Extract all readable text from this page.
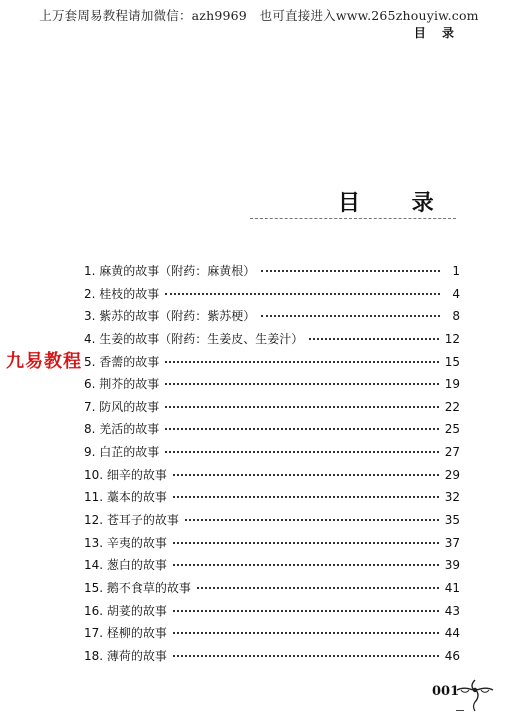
上万套周易教程请加微信：azh9969　也可直接进入www.265zhouyiw.com
目 录
目 录
九易教程
1. 麻黄的故事（附药：麻黄根）	1
2. 桂枝的故事	4
3. 紫苏的故事（附药：紫苏梗）	8
4. 生姜的故事（附药：生姜皮、生姜汁）	12
5. 香薷的故事	15
6. 荆芥的故事	19
7. 防风的故事	22
8. 羌活的故事	25
9. 白芷的故事	27
10. 细辛的故事	29
11. 藁本的故事	32
12. 苍耳子的故事	35
13. 辛夷的故事	37
14. 葱白的故事	39
15. 鹅不食草的故事	41
16. 胡荽的故事	43
17. 柽柳的故事	44
18. 薄荷的故事	46
001
